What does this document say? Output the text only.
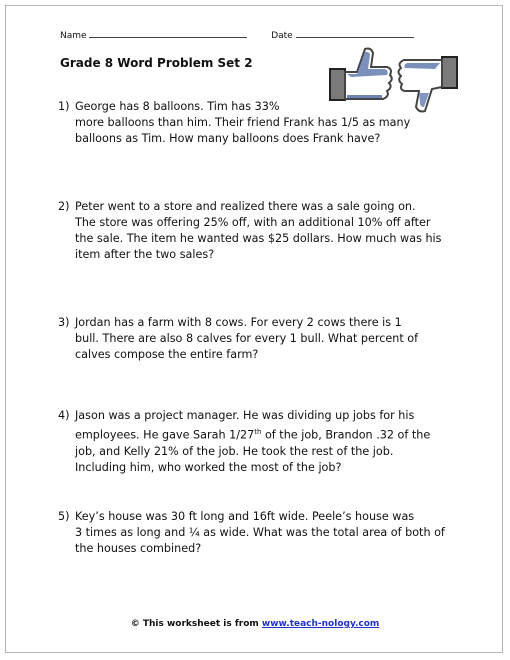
Name	Date
Grade 8 Word Problem Set 2
1) George has 8 balloons. Tim has 33%
more balloons than him. Their friend Frank has 1/5 as many balloons as Tim. How many balloons does Frank have?
2) Peter went to a store and realized there was a sale going on.
The store was offering 25% off, with an additional 10% off after the sale. The item he wanted was $25 dollars. How much was his item after the two sales?
3) Jordan has a farm with 8 cows. For every 2 cows there is 1
bull. There are also 8 calves for every 1 bull. What percent of calves compose the entire farm?
4) Jason was a project manager. He was dividing up jobs for his
employees. He gave Sarah 1/27th of the job, Brandon .32 of the job, and Kelly 21% of the job. He took the rest of the job. Including him, who worked the most of the job?
5) Key’s house was 30 ft long and 16ft wide. Peele’s house was
3 times as long and ¼ as wide. What was the total area of both of the houses combined?
© This worksheet is from www.teach-nology.com
